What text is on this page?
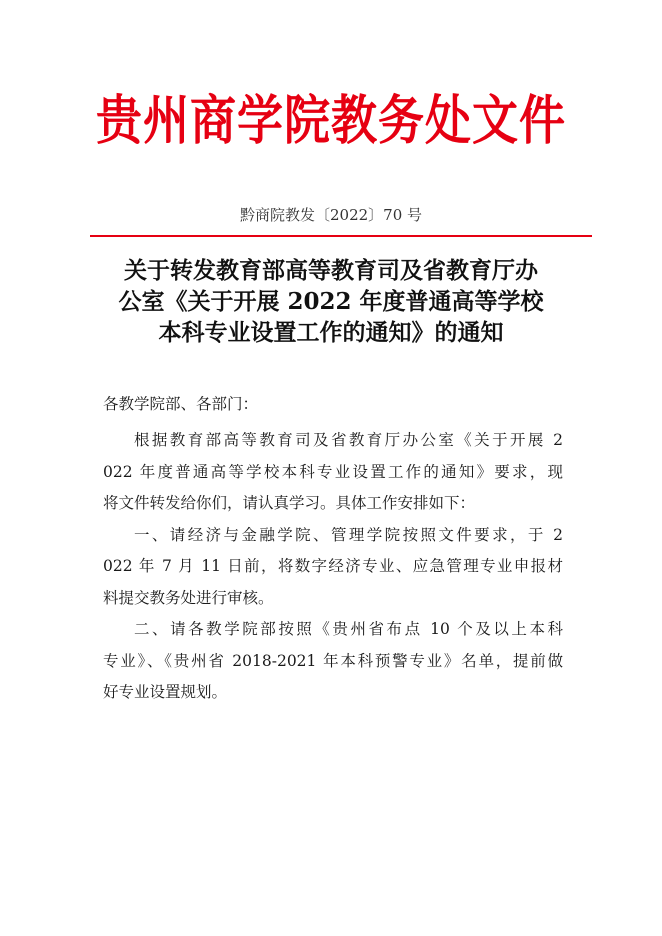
贵州商学院教务处文件
黔商院教发〔2022〕70 号
关于转发教育部高等教育司及省教育厅办
公室《关于开展 2022 年度普通高等学校
本科专业设置工作的通知》的通知
各教学院部、各部门：
根据教育部高等教育司及省教育厅办公室《关于开展 2
022 年度普通高等学校本科专业设置工作的通知》要求，现
将文件转发给你们，请认真学习。具体工作安排如下：
一、请经济与金融学院、管理学院按照文件要求，于 2
022 年 7 月 11 日前，将数字经济专业、应急管理专业申报材
料提交教务处进行审核。
二、请各教学院部按照《贵州省布点 10 个及以上本科
专业》、《贵州省 2018-2021 年本科预警专业》名单，提前做
好专业设置规划。
